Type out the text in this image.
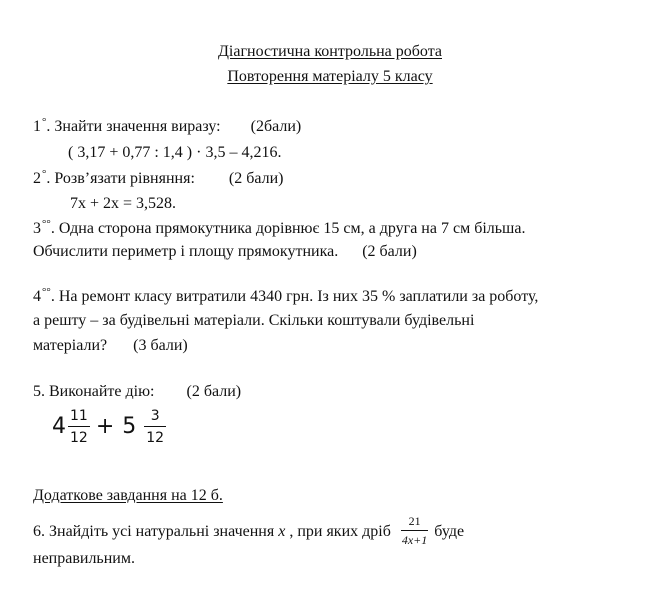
Діагностична контрольна робота
Повторення матеріалу 5 класу
1°. Знайти значення виразу: (2бали)
( 3,17 + 0,77 : 1,4 ) · 3,5 – 4,216.
2°. Розв’язати рівняння: (2 бали)
7x + 2x = 3,528.
3°°. Одна сторона прямокутника дорівнює 15 см, а друга на 7 см більша.
Обчислити периметр і площу прямокутника. (2 бали)
4°°. На ремонт класу витратили 4340 грн. Із них 35 % заплатили за роботу,
а решту – за будівельні матеріали. Скільки коштували будівельні
матеріали? (3 бали)
5. Виконайте дію: (2 бали)
$4 \frac{11}{12} + 5 \frac{3}{12}$
Додаткове завдання на 12 б.
6. Знайдіть усі натуральні значення x , при яких дріб $\frac{21}{4x+1}$ буде
неправильним.
